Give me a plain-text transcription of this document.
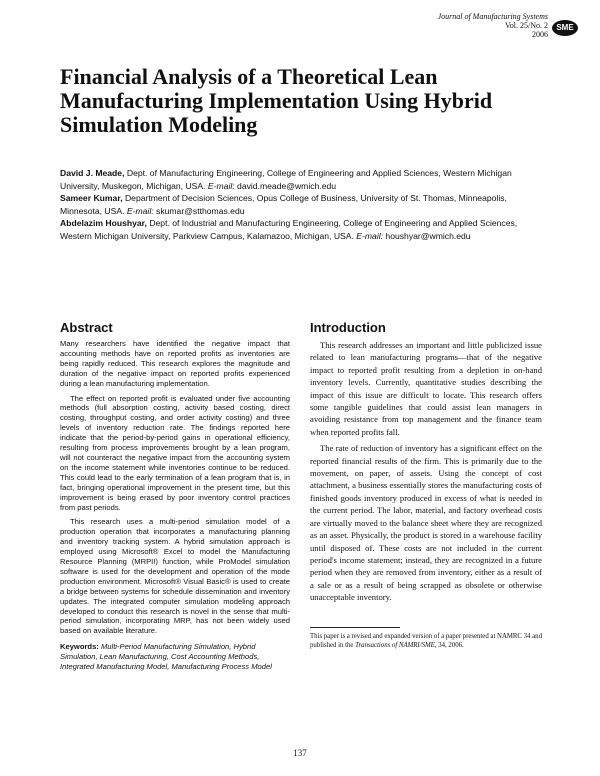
Journal of Manufacturing Systems
Vol. 25/No. 2
2006
SME
Financial Analysis of a Theoretical Lean Manufacturing Implementation Using Hybrid Simulation Modeling

David J. Meade, Dept. of Manufacturing Engineering, College of Engineering and Applied Sciences, Western Michigan University, Muskegon, Michigan, USA. E-mail: david.meade@wmich.edu

Sameer Kumar, Department of Decision Sciences, Opus College of Business, University of St. Thomas, Minneapolis, Minnesota, USA. E-mail: skumar@stthomas.edu

Abdelazim Houshyar, Dept. of Industrial and Manufacturing Engineering, College of Engineering and Applied Sciences, Western Michigan University, Parkview Campus, Kalamazoo, Michigan, USA. E-mail: houshyar@wmich.edu

Abstract

Many researchers have identified the negative impact that accounting methods have on reported profits as inventories are being rapidly reduced. This research explores the magnitude and duration of the negative impact on reported profits experienced during a lean manufacturing implementation.

The effect on reported profit is evaluated under five accounting methods (full absorption costing, activity based costing, direct costing, throughput costing, and order activity costing) and three levels of inventory reduction rate. The findings reported here indicate that the period-by-period gains in operational efficiency, resulting from process improvements brought by a lean program, will not counteract the negative impact from the accounting system on the income statement while inventories continue to be reduced. This could lead to the early termination of a lean program that is, in fact, bringing operational improvement in the present time, but this improvement is being erased by poor inventory control practices from past periods.

This research uses a multi-period simulation model of a production operation that incorporates a manufacturing planning and inventory tracking system. A hybrid simulation approach is employed using Microsoft® Excel to model the Manufacturing Resource Planning (MRPII) function, while ProModel simulation software is used for the development and operation of the mode production environment. Microsoft® Visual Basic® is used to create a bridge between systems for schedule dissemination and inventory updates. The integrated computer simulation modeling approach developed to conduct this research is novel in the sense that multi-period simulation, incorporating MRP, has not been widely used based on available literature.

Keywords: Multi-Period Manufacturing Simulation, Hybrid Simulation, Lean Manufacturing, Cost Accounting Methods, Integrated Manufacturing Model, Manufacturing Process Model

Introduction

This research addresses an important and little publicized issue related to lean manufacturing programs—that of the negative impact to reported profit resulting from a depletion in on-hand inventory levels. Currently, quantitative studies describing the impact of this issue are difficult to locate. This research offers some tangible guidelines that could assist lean managers in avoiding resistance from top management and the finance team when reported profits fall.

The rate of reduction of inventory has a significant effect on the reported financial results of the firm. This is primarily due to the movement, on paper, of assets. Using the concept of cost attachment, a business essentially stores the manufacturing costs of finished goods inventory produced in excess of what is needed in the current period. The labor, material, and factory overhead costs are virtually moved to the balance sheet where they are recognized as an asset. Physically, the product is stored in a warehouse facility until disposed of. These costs are not included in the current period's income statement; instead, they are recognized in a future period when they are removed from inventory, either as a result of a sale or as a result of being scrapped as obsolete or otherwise unacceptable inventory.

This paper is a revised and expanded version of a paper presented at NAMRC 34 and published in the Transactions of NAMRI/SME, 34, 2006.

137
